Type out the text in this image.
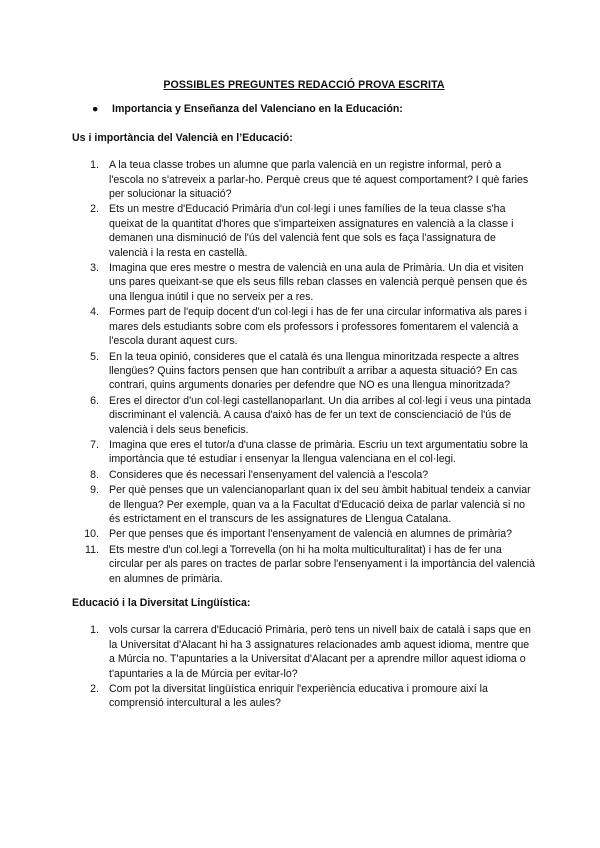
POSSIBLES PREGUNTES REDACCIÓ PROVA ESCRITA
●	Importancia y Enseñanza del Valenciano en la Educación:
Us i importància del Valencià en l’Educació:
1. A la teua classe trobes un alumne que parla valencià en un registre informal, però a l'escola no s'atreveix a parlar-ho. Perquè creus que té aquest comportament? I què faries per solucionar la situació?
2. Ets un mestre d'Educació Primària d'un col·legi i unes famílies de la teua classe s'ha queixat de la quantitat d'hores que s'imparteixen assignatures en valencià a la classe i demanen una disminució de l'ús del valencià fent que sols es faça l'assignatura de valencià i la resta en castellà.
3. Imagina que eres mestre o mestra de valencià en una aula de Primària. Un dia et visiten uns pares queixant-se que els seus fills reban classes en valencià perquè pensen que és una llengua inútil i que no serveix per a res.
4. Formes part de l'equip docent d'un col·legi i has de fer una circular informativa als pares i mares dels estudiants sobre com els professors i professores fomentarem el valencià a l'escola durant aquest curs.
5. En la teua opinió, consideres que el català és una llengua minoritzada respecte a altres llengües? Quins factors pensen que han contribuït a arribar a aquesta situació? En cas contrari, quins arguments donaries per defendre que NO es una llengua minoritzada?
6. Eres el director d'un col·legi castellanoparlant. Un dia arribes al col·legi i veus una pintada discriminant el valencià. A causa d'això has de fer un text de conscienciació de l'ús de valencià i dels seus beneficis.
7. Imagina que eres el tutor/a d'una classe de primària. Escriu un text argumentatiu sobre la importància que té estudiar i ensenyar la llengua valenciana en el col·legi.
8. Consideres que és necessari l'ensenyament del valencià a l'escola?
9. Per què penses que un valencianoparlant quan ix del seu àmbit habitual tendeix a canviar de llengua? Per exemple, quan va a la Facultat d'Educació deixa de parlar valencià si no és estrictament en el transcurs de les assignatures de Llengua Catalana.
10. Per que penses que és important l'ensenyament de valencià en alumnes de primària?
11. Ets mestre d'un col.legi a Torrevella (on hi ha molta multiculturalitat) i has de fer una circular per als pares on tractes de parlar sobre l'ensenyament i la importància del valencià en alumnes de primària.
Educació i la Diversitat Lingüística:
1. vols cursar la carrera d'Educació Primària, però tens un nivell baix de català i saps que en la Universitat d'Alacant hi ha 3 assignatures relacionades amb aquest idioma, mentre que a Múrcia no. T'apuntaries a la Universitat d'Alacant per a aprendre millor aquest idioma o t'apuntaries a la de Múrcia per evitar-lo?
2. Com pot la diversitat lingüística enriquir l'experiència educativa i promoure així la comprensió intercultural a les aules?
